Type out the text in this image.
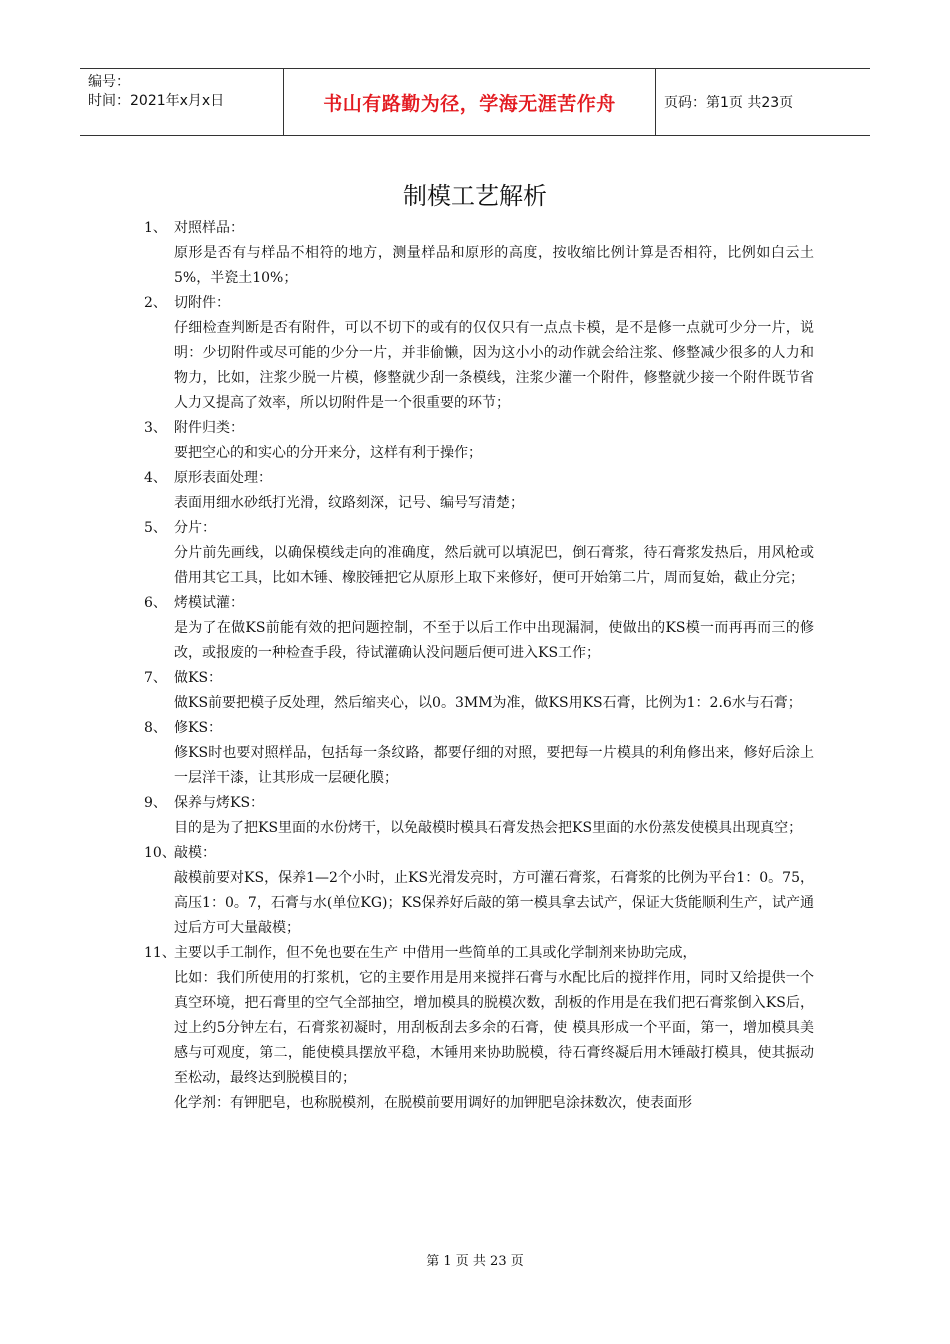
编号：
时间：2021年x月x日	书山有路勤为径，学海无涯苦作舟	页码：第1页 共23页
制模工艺解析
1、 对照样品：
原形是否有与样品不相符的地方，测量样品和原形的高度，按收缩比例计算是否相符，比例如白云土5%，半瓷土10%；
2、 切附件：
仔细检查判断是否有附件，可以不切下的或有的仅仅只有一点点卡模，是不是修一点就可少分一片，说明：少切附件或尽可能的少分一片，并非偷懒，因为这小小的动作就会给注浆、修整减少很多的人力和物力，比如，注浆少脱一片模，修整就少刮一条模线，注浆少灌一个附件，修整就少接一个附件既节省人力又提高了效率，所以切附件是一个很重要的环节；
3、 附件归类：
要把空心的和实心的分开来分，这样有利于操作；
4、 原形表面处理：
表面用细水砂纸打光滑，纹路刻深，记号、编号写清楚；
5、 分片：
分片前先画线，以确保模线走向的准确度，然后就可以填泥巴，倒石膏浆，待石膏浆发热后，用风枪或借用其它工具，比如木锤、橡胶锤把它从原形上取下来修好，便可开始第二片，周而复始，截止分完；
6、 烤模试灌：
是为了在做KS前能有效的把问题控制，不至于以后工作中出现漏洞，使做出的KS模一而再再而三的修改，或报废的一种检查手段，待试灌确认没问题后便可进入KS工作；
7、 做KS：
做KS前要把模子反处理，然后缩夹心，以0。3MM为准，做KS用KS石膏，比例为1：2.6水与石膏；
8、 修KS：
修KS时也要对照样品，包括每一条纹路，都要仔细的对照，要把每一片模具的利角修出来，修好后涂上一层洋干漆，让其形成一层硬化膜；
9、 保养与烤KS：
目的是为了把KS里面的水份烤干，以免敲模时模具石膏发热会把KS里面的水份蒸发使模具出现真空；
10、敲模：
敲模前要对KS，保养1—2个小时，止KS光滑发亮时，方可灌石膏浆，石膏浆的比例为平台1：0。75，高压1：0。7，石膏与水(单位KG)；KS保养好后敲的第一模具拿去试产，保证大货能顺利生产，试产通过后方可大量敲模；
11、主要以手工制作，但不免也要在生产 中借用一些简单的工具或化学制剂来协助完成，
比如：我们所使用的打浆机，它的主要作用是用来搅拌石膏与水配比后的搅拌作用，同时又给提供一个真空环境，把石膏里的空气全部抽空，增加模具的脱模次数，刮板的作用是在我们把石膏浆倒入KS后，过上约5分钟左右，石膏浆初凝时，用刮板刮去多余的石膏，使 模具形成一个平面，第一，增加模具美感与可观度，第二，能使模具摆放平稳，木锤用来协助脱模，待石膏终凝后用木锤敲打模具，使其振动至松动，最终达到脱模目的；
化学剂：有钾肥皂，也称脱模剂，在脱模前要用调好的加钾肥皂涂抹数次，使表面形
第 1 页 共 23 页
